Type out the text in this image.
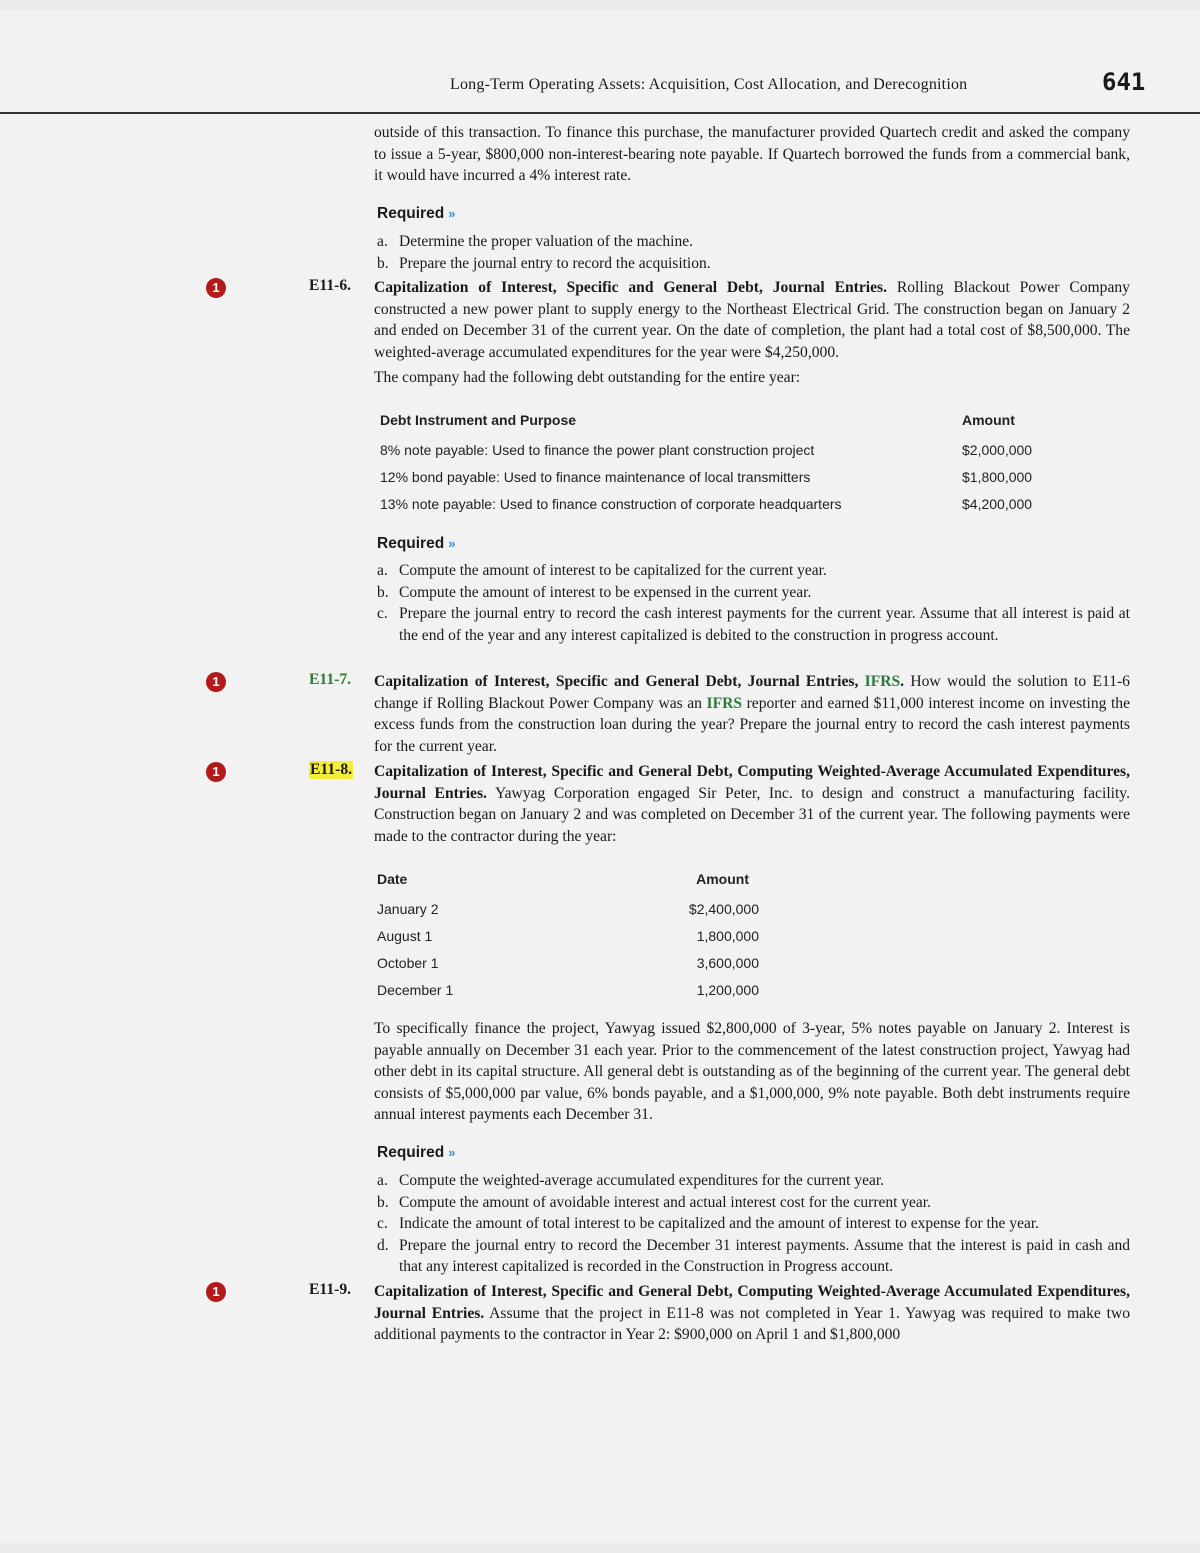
Long-Term Operating Assets: Acquisition, Cost Allocation, and Derecognition	641

outside of this transaction. To finance this purchase, the manufacturer provided Quartech credit and asked the company to issue a 5-year, $800,000 non-interest-bearing note payable. If Quartech borrowed the funds from a commercial bank, it would have incurred a 4% interest rate.

Required »
a. Determine the proper valuation of the machine.
b. Prepare the journal entry to record the acquisition.
1	E11-6. Capitalization of Interest, Specific and General Debt, Journal Entries. Rolling Blackout Power Company constructed a new power plant to supply energy to the Northeast Electrical Grid. The construction began on January 2 and ended on December 31 of the current year. On the date of completion, the plant had a total cost of $8,500,000. The weighted-average accumulated expenditures for the year were $4,250,000.

The company had the following debt outstanding for the entire year:

Debt Instrument and Purpose	Amount
8% note payable: Used to finance the power plant construction project	$2,000,000
12% bond payable: Used to finance maintenance of local transmitters	$1,800,000
13% note payable: Used to finance construction of corporate headquarters	$4,200,000
Required »
a. Compute the amount of interest to be capitalized for the current year.
b. Compute the amount of interest to be expensed in the current year.
c. Prepare the journal entry to record the cash interest payments for the current year. Assume that all interest is paid at the end of the year and any interest capitalized is debited to the construction in progress account.
1	E11-7. Capitalization of Interest, Specific and General Debt, Journal Entries, IFRS. How would the solution to E11-6 change if Rolling Blackout Power Company was an IFRS reporter and earned $11,000 interest income on investing the excess funds from the construction loan during the year? Prepare the journal entry to record the cash interest payments for the current year.

1	E11-8. Capitalization of Interest, Specific and General Debt, Computing Weighted-Average Accumulated Expenditures, Journal Entries. Yawyag Corporation engaged Sir Peter, Inc. to design and construct a manufacturing facility. Construction began on January 2 and was completed on December 31 of the current year. The following payments were made to the contractor during the year:

Date	Amount
January 2	$2,400,000
August 1	1,800,000
October 1	3,600,000
December 1	1,200,000

To specifically finance the project, Yawyag issued $2,800,000 of 3-year, 5% notes payable on January 2. Interest is payable annually on December 31 each year. Prior to the commencement of the latest construction project, Yawyag had other debt in its capital structure. All general debt is outstanding as of the beginning of the current year. The general debt consists of $5,000,000 par value, 6% bonds payable, and a $1,000,000, 9% note payable. Both debt instruments require annual interest payments each December 31.

Required »
a. Compute the weighted-average accumulated expenditures for the current year.
b. Compute the amount of avoidable interest and actual interest cost for the current year.
c. Indicate the amount of total interest to be capitalized and the amount of interest to expense for the year.
d. Prepare the journal entry to record the December 31 interest payments. Assume that the interest is paid in cash and that any interest capitalized is recorded in the Construction in Progress account.
1	E11-9. Capitalization of Interest, Specific and General Debt, Computing Weighted-Average Accumulated Expenditures, Journal Entries. Assume that the project in E11-8 was not completed in Year 1. Yawyag was required to make two additional payments to the contractor in Year 2: $900,000 on April 1 and $1,800,000
